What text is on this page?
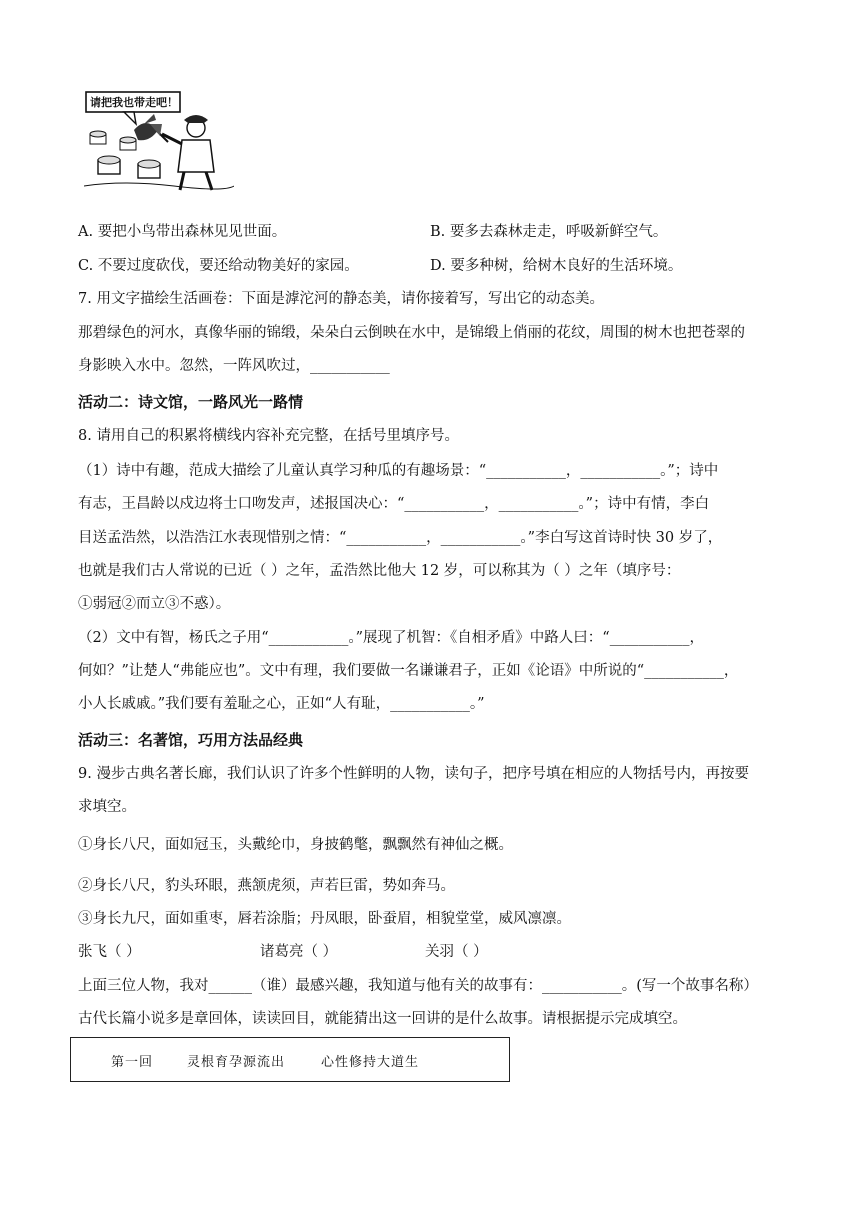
请把我也带走吧！
A. 要把小鸟带出森林见见世面。	B. 要多去森林走走，呼吸新鲜空气。
C. 不要过度砍伐，要还给动物美好的家园。	D. 要多种树，给树木良好的生活环境。
7. 用文字描绘生活画卷：下面是滹沱河的静态美，请你接着写，写出它的动态美。
那碧绿色的河水，真像华丽的锦缎，朵朵白云倒映在水中，是锦缎上俏丽的花纹，周围的树木也把苍翠的
身影映入水中。忽然，一阵风吹过，___________
活动二：诗文馆，一路风光一路情
8. 请用自己的积累将横线内容补充完整，在括号里填序号。
（1）诗中有趣，范成大描绘了儿童认真学习种瓜的有趣场景：“___________，___________。”；诗中
有志，王昌龄以戍边将士口吻发声，述报国决心：“___________，___________。”；诗中有情，李白
目送孟浩然，以浩浩江水表现惜别之情：“___________，___________。”李白写这首诗时快 30 岁了，
也就是我们古人常说的已近（ ）之年，孟浩然比他大 12 岁，可以称其为（ ）之年（填序号：
①弱冠②而立③不惑）。
（2）文中有智，杨氏之子用“___________。”展现了机智：《自相矛盾》中路人曰：“___________，
何如？”让楚人“弗能应也”。文中有理，我们要做一名谦谦君子，正如《论语》中所说的“___________，
小人长戚戚。”我们要有羞耻之心，正如“人有耻，___________。”
活动三：名著馆，巧用方法品经典
9. 漫步古典名著长廊，我们认识了许多个性鲜明的人物，读句子，把序号填在相应的人物括号内，再按要
求填空。
①身长八尺，面如冠玉，头戴纶巾，身披鹤氅，飘飘然有神仙之概。
②身长八尺，豹头环眼，燕颔虎须，声若巨雷，势如奔马。
③身长九尺，面如重枣，唇若涂脂；丹凤眼，卧蚕眉，相貌堂堂，威风凛凛。
张飞（ ）	诸葛亮（ ）	关羽（ ）
上面三位人物，我对______（谁）最感兴趣，我知道与他有关的故事有：___________。(写一个故事名称）
古代长篇小说多是章回体，读读回目，就能猜出这一回讲的是什么故事。请根据提示完成填空。
第一回	灵根育孕源流出	心性修持大道生
